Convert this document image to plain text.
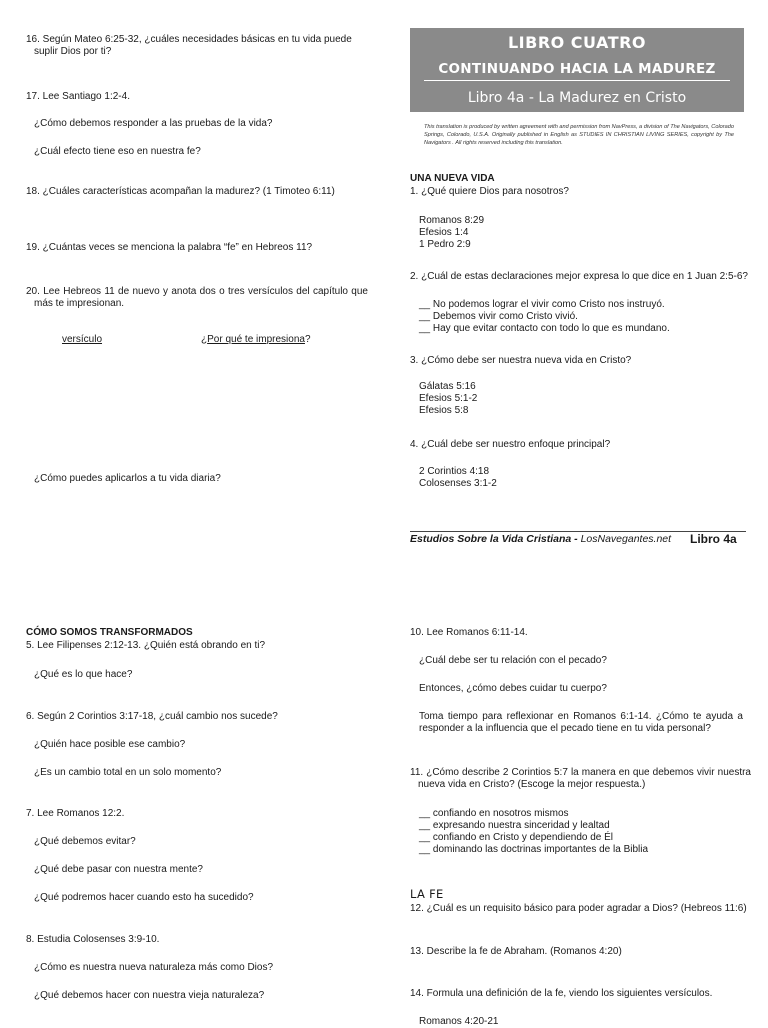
16. Según Mateo 6:25-32, ¿cuáles necesidades básicas en tu vida puede suplir Dios por ti?
17. Lee Santiago 1:2-4.
¿Cómo debemos responder a las pruebas de la vida?
¿Cuál efecto tiene eso en nuestra fe?
18. ¿Cuáles características acompañan la madurez? (1 Timoteo 6:11)
19. ¿Cuántas veces se menciona la palabra “fe” en Hebreos 11?
20. Lee Hebreos 11 de nuevo y anota dos o tres versículos del capítulo que más te impresionan.
versículo	¿Por qué te impresiona?
¿Cómo puedes aplicarlos a tu vida diaria?
LIBRO CUATRO
CONTINUANDO HACIA LA MADUREZ
Libro 4a - La Madurez en Cristo
This translation is produced by written agreement with and permission from NavPress, a division of The Navigators, Colorado Springs, Colorado, U.S.A. Originally published in English as STUDIES IN CHRISTIAN LIVING SERIES, copyright by The Navigators . All rights reserved including this translation.
UNA NUEVA VIDA
1. ¿Qué quiere Dios para nosotros?
Romanos 8:29
Efesios 1:4
1 Pedro 2:9
2. ¿Cuál de estas declaraciones mejor expresa lo que dice en 1 Juan 2:5-6?
__ No podemos lograr el vivir como Cristo nos instruyó.
__ Debemos vivir como Cristo vivió.
__ Hay que evitar contacto con todo lo que es mundano.
3. ¿Cómo debe ser nuestra nueva vida en Cristo?
Gálatas 5:16
Efesios 5:1-2
Efesios 5:8
4. ¿Cuál debe ser nuestro enfoque principal?
2 Corintios 4:18
Colosenses 3:1-2
Estudios Sobre la Vida Cristiana - LosNavegantes.net Libro 4a
CÓMO SOMOS TRANSFORMADOS
5. Lee Filipenses 2:12-13. ¿Quién está obrando en ti?
¿Qué es lo que hace?
6. Según 2 Corintios 3:17-18, ¿cuál cambio nos sucede?
¿Quién hace posible ese cambio?
¿Es un cambio total en un solo momento?
7. Lee Romanos 12:2.
¿Qué debemos evitar?
¿Qué debe pasar con nuestra mente?
¿Qué podremos hacer cuando esto ha sucedido?
8. Estudia Colosenses 3:9-10.
¿Cómo es nuestra nueva naturaleza más como Dios?
¿Qué debemos hacer con nuestra vieja naturaleza?
10. Lee Romanos 6:11-14.
¿Cuál debe ser tu relación con el pecado?
Entonces, ¿cómo debes cuidar tu cuerpo?
Toma tiempo para reflexionar en Romanos 6:1-14. ¿Cómo te ayuda a responder a la influencia que el pecado tiene en tu vida personal?
11. ¿Cómo describe 2 Corintios 5:7 la manera en que debemos vivir nuestra nueva vida en Cristo? (Escoge la mejor respuesta.)
__ confiando en nosotros mismos
__ expresando nuestra sinceridad y lealtad
__ confiando en Cristo y dependiendo de Él
__ dominando las doctrinas importantes de la Biblia
LA FE
12. ¿Cuál es un requisito básico para poder agradar a Dios? (Hebreos 11:6)
13. Describe la fe de Abraham. (Romanos 4:20)
14. Formula una definición de la fe, viendo los siguientes versículos.
Romanos 4:20-21
